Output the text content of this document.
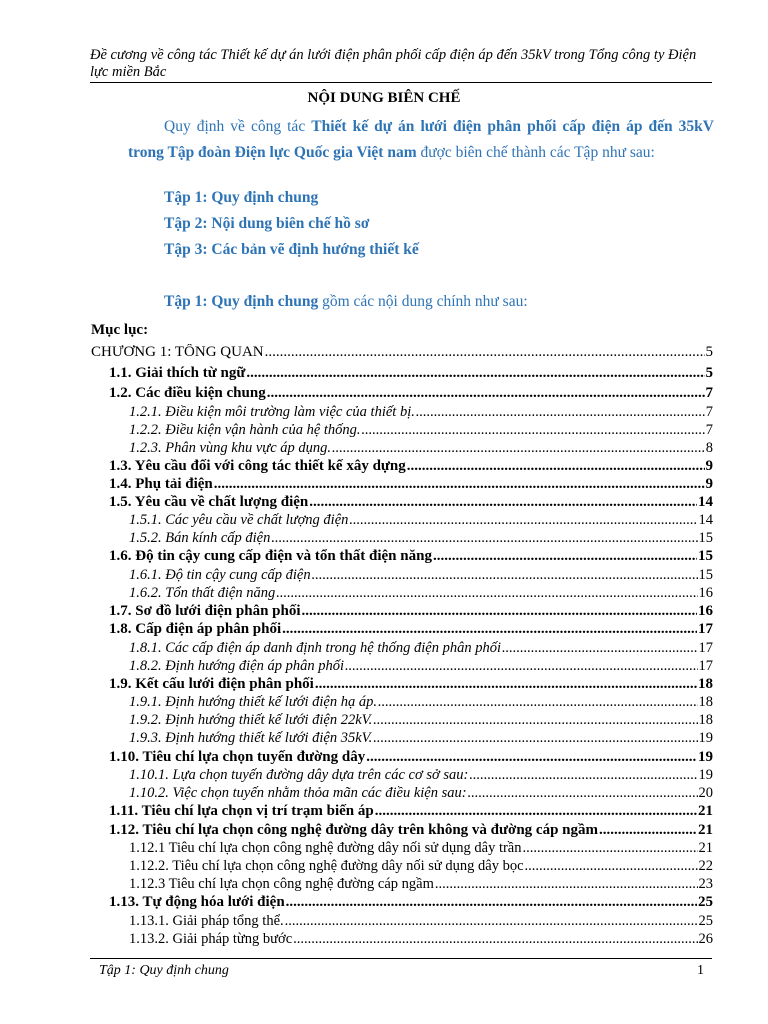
Đề cương về công tác Thiết kế dự án lưới điện phân phối cấp điện áp đến 35kV trong Tổng công ty Điện lực miền Bắc
NỘI DUNG BIÊN CHẾ
Quy định về công tác Thiết kế dự án lưới điện phân phối cấp điện áp đến 35kV trong Tập đoàn Điện lực Quốc gia Việt nam được biên chế thành các Tập như sau:
Tập 1: Quy định chung
Tập 2: Nội dung biên chế hồ sơ
Tập 3: Các bản vẽ định hướng thiết kế
Tập 1: Quy định chung gồm các nội dung chính như sau:
Mục lục:
CHƯƠNG 1: TỔNG QUAN .....	5
1.1. Giải thích từ ngữ .....	5
1.2. Các điều kiện chung .....	7
1.2.1. Điều kiện môi trường làm việc của thiết bị. .....	7
1.2.2. Điều kiện vận hành của hệ thống. .....	7
1.2.3. Phân vùng khu vực áp dụng. .....	8
1.3. Yêu cầu đối với công tác thiết kế xây dựng .....	9
1.4. Phụ tải điện .....	9
1.5. Yêu cầu về chất lượng điện .....	14
1.5.1. Các yêu cầu về chất lượng điện .....	14
1.5.2. Bán kính cấp điện .....	15
1.6. Độ tin cậy cung cấp điện và tổn thất điện năng .....	15
1.6.1. Độ tin cậy cung cấp điện .....	15
1.6.2. Tổn thất điện năng .....	16
1.7. Sơ đồ lưới điện phân phối .....	16
1.8. Cấp điện áp phân phối .....	17
1.8.1. Các cấp điện áp danh định trong hệ thống điện phân phối .....	17
1.8.2. Định hướng điện áp phân phối .....	17
1.9. Kết cấu lưới điện phân phối .....	18
1.9.1. Định hướng thiết kế lưới điện hạ áp. .....	18
1.9.2. Định hướng thiết kế lưới điện 22kV. .....	18
1.9.3. Định hướng thiết kế lưới điện 35kV. .....	19
1.10. Tiêu chí lựa chọn tuyến đường dây .....	19
1.10.1. Lựa chọn tuyến đường dây dựa trên các cơ sở sau: .....	19
1.10.2. Việc chọn tuyến nhằm thỏa mãn các điều kiện sau: .....	20
1.11. Tiêu chí lựa chọn vị trí trạm biến áp .....	21
1.12. Tiêu chí lựa chọn công nghệ đường dây trên không và đường cáp ngầm .....	21
1.12.1 Tiêu chí lựa chọn công nghệ đường dây nối sử dụng dây trần .....	21
1.12.2. Tiêu chí lựa chọn công nghệ đường dây nối sử dụng dây bọc .....	22
1.12.3 Tiêu chí lựa chọn công nghệ đường cáp ngầm .....	23
1.13. Tự động hóa lưới điện .....	25
1.13.1. Giải pháp tổng thể. .....	25
1.13.2. Giải pháp từng bước .....	26
Tập 1: Quy định chung	1
